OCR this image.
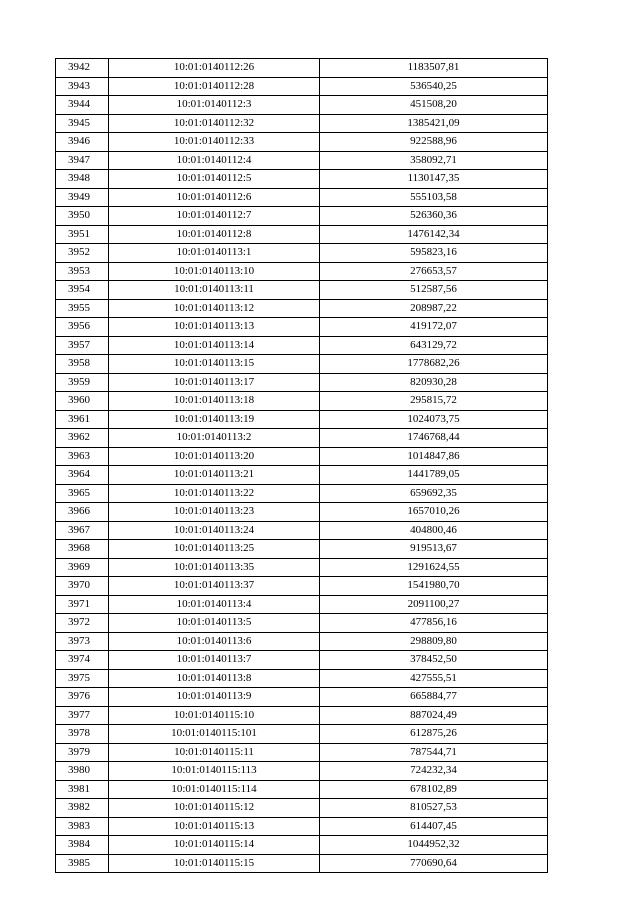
3942	10:01:0140112:26	1183507,81
3943	10:01:0140112:28	536540,25
3944	10:01:0140112:3	451508,20
3945	10:01:0140112:32	1385421,09
3946	10:01:0140112:33	922588,96
3947	10:01:0140112:4	358092,71
3948	10:01:0140112:5	1130147,35
3949	10:01:0140112:6	555103,58
3950	10:01:0140112:7	526360,36
3951	10:01:0140112:8	1476142,34
3952	10:01:0140113:1	595823,16
3953	10:01:0140113:10	276653,57
3954	10:01:0140113:11	512587,56
3955	10:01:0140113:12	208987,22
3956	10:01:0140113:13	419172,07
3957	10:01:0140113:14	643129,72
3958	10:01:0140113:15	1778682,26
3959	10:01:0140113:17	820930,28
3960	10:01:0140113:18	295815,72
3961	10:01:0140113:19	1024073,75
3962	10:01:0140113:2	1746768,44
3963	10:01:0140113:20	1014847,86
3964	10:01:0140113:21	1441789,05
3965	10:01:0140113:22	659692,35
3966	10:01:0140113:23	1657010,26
3967	10:01:0140113:24	404800,46
3968	10:01:0140113:25	919513,67
3969	10:01:0140113:35	1291624,55
3970	10:01:0140113:37	1541980,70
3971	10:01:0140113:4	2091100,27
3972	10:01:0140113:5	477856,16
3973	10:01:0140113:6	298809,80
3974	10:01:0140113:7	378452,50
3975	10:01:0140113:8	427555,51
3976	10:01:0140113:9	665884,77
3977	10:01:0140115:10	887024,49
3978	10:01:0140115:101	612875,26
3979	10:01:0140115:11	787544,71
3980	10:01:0140115:113	724232,34
3981	10:01:0140115:114	678102,89
3982	10:01:0140115:12	810527,53
3983	10:01:0140115:13	614407,45
3984	10:01:0140115:14	1044952,32
3985	10:01:0140115:15	770690,64
